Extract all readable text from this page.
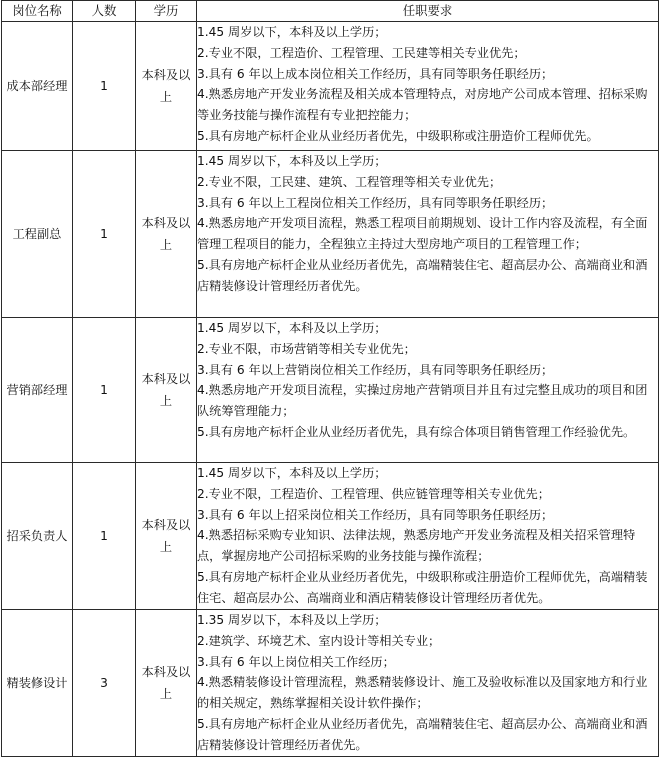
岗位名称	人数	学历	任职要求
成本部经理	1	本科及以上	1.45 周岁以下，本科及以上学历；
2.专业不限，工程造价、工程管理、工民建等相关专业优先；
3.具有 6 年以上成本岗位相关工作经历，具有同等职务任职经历；
4.熟悉房地产开发业务流程及相关成本管理特点，对房地产公司成本管理、招标采购等业务技能与操作流程有专业把控能力；
5.具有房地产标杆企业从业经历者优先，中级职称或注册造价工程师优先。

工程副总	1	本科及以上	1.45 周岁以下，本科及以上学历；
2.专业不限，工民建、建筑、工程管理等相关专业优先；
3.具有 6 年以上工程岗位相关工作经历，具有同等职务任职经历；
4.熟悉房地产开发项目流程，熟悉工程项目前期规划、设计工作内容及流程，有全面管理工程项目的能力，全程独立主持过大型房地产项目的工程管理工作；
5.具有房地产标杆企业从业经历者优先，高端精装住宅、超高层办公、高端商业和酒店精装修设计管理经历者优先。

营销部经理	1	本科及以上	1.45 周岁以下，本科及以上学历；
2.专业不限，市场营销等相关专业优先；
3.具有 6 年以上营销岗位相关工作经历，具有同等职务任职经历；
4.熟悉房地产开发项目流程，实操过房地产营销项目并且有过完整且成功的项目和团队统筹管理能力；
5.具有房地产标杆企业从业经历者优先，具有综合体项目销售管理工作经验优先。

招采负责人	1	本科及以上	1.45 周岁以下，本科及以上学历；
2.专业不限，工程造价、工程管理、供应链管理等相关专业优先；
3.具有 6 年以上招采岗位相关工作经历，具有同等职务任职经历；
4.熟悉招标采购专业知识、法律法规，熟悉房地产开发业务流程及相关招采管理特点，掌握房地产公司招标采购的业务技能与操作流程；
5.具有房地产标杆企业从业经历者优先，中级职称或注册造价工程师优先，高端精装住宅、超高层办公、高端商业和酒店精装修设计管理经历者优先。

精装修设计	3	本科及以上	1.35 周岁以下，本科及以上学历；
2.建筑学、环境艺术、室内设计等相关专业；
3.具有 6 年以上岗位相关工作经历；
4.熟悉精装修设计管理流程，熟悉精装修设计、施工及验收标准以及国家地方和行业的相关规定，熟练掌握相关设计软件操作；
5.具有房地产标杆企业从业经历者优先，高端精装住宅、超高层办公、高端商业和酒店精装修设计管理经历者优先。
